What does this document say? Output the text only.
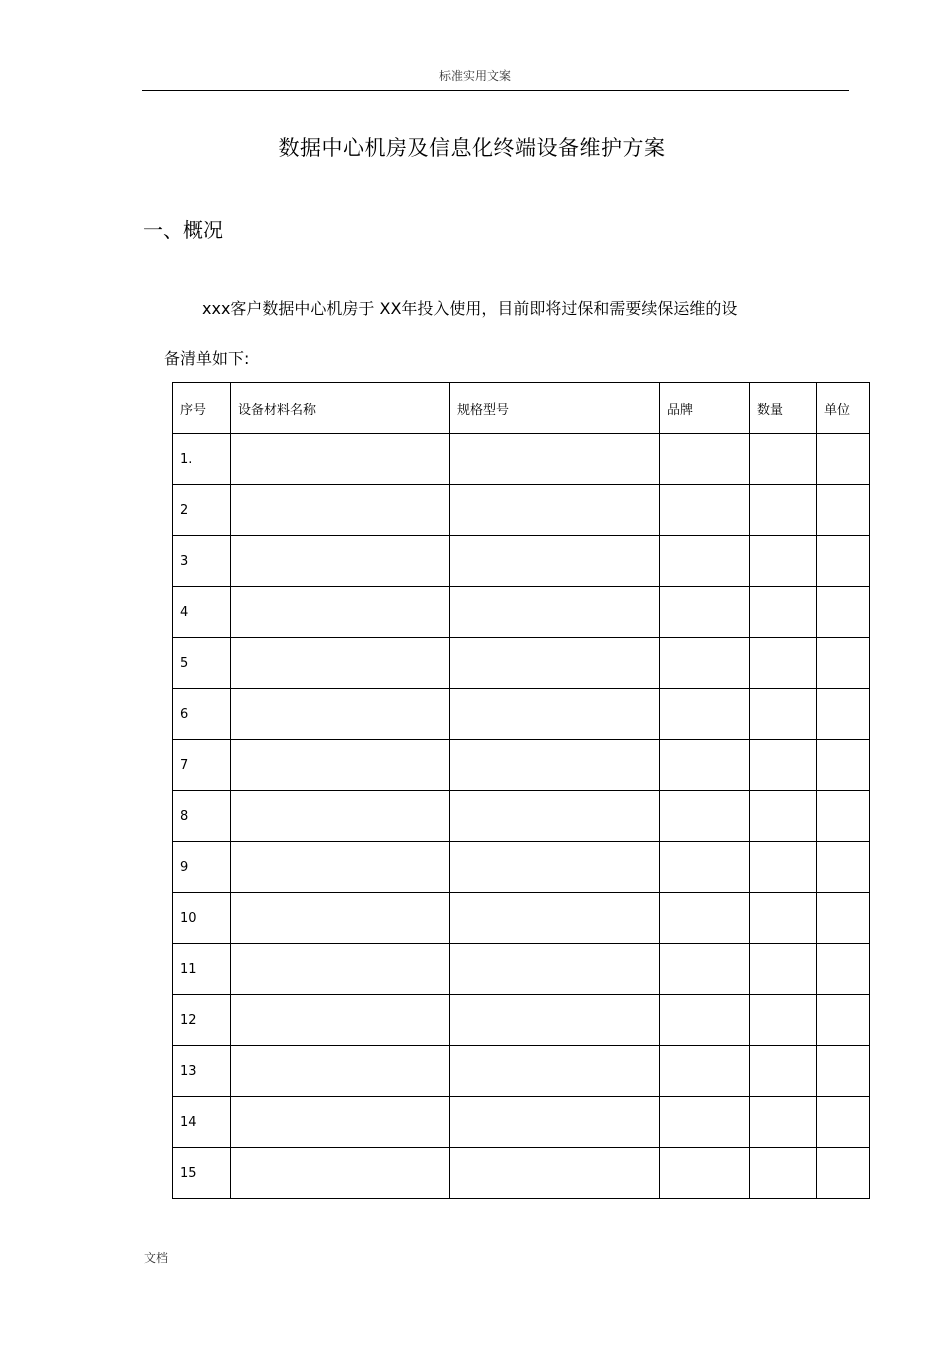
标准实用文案
数据中心机房及信息化终端设备维护方案
一、概况
xxx客户数据中心机房于 XX年投入使用，目前即将过保和需要续保运维的设
备清单如下:
序号	设备材料名称	规格型号	品牌	数量	单位
1.					
2					
3					
4					
5					
6					
7					
8					
9					
10					
11					
12					
13					
14					
15					
文档
